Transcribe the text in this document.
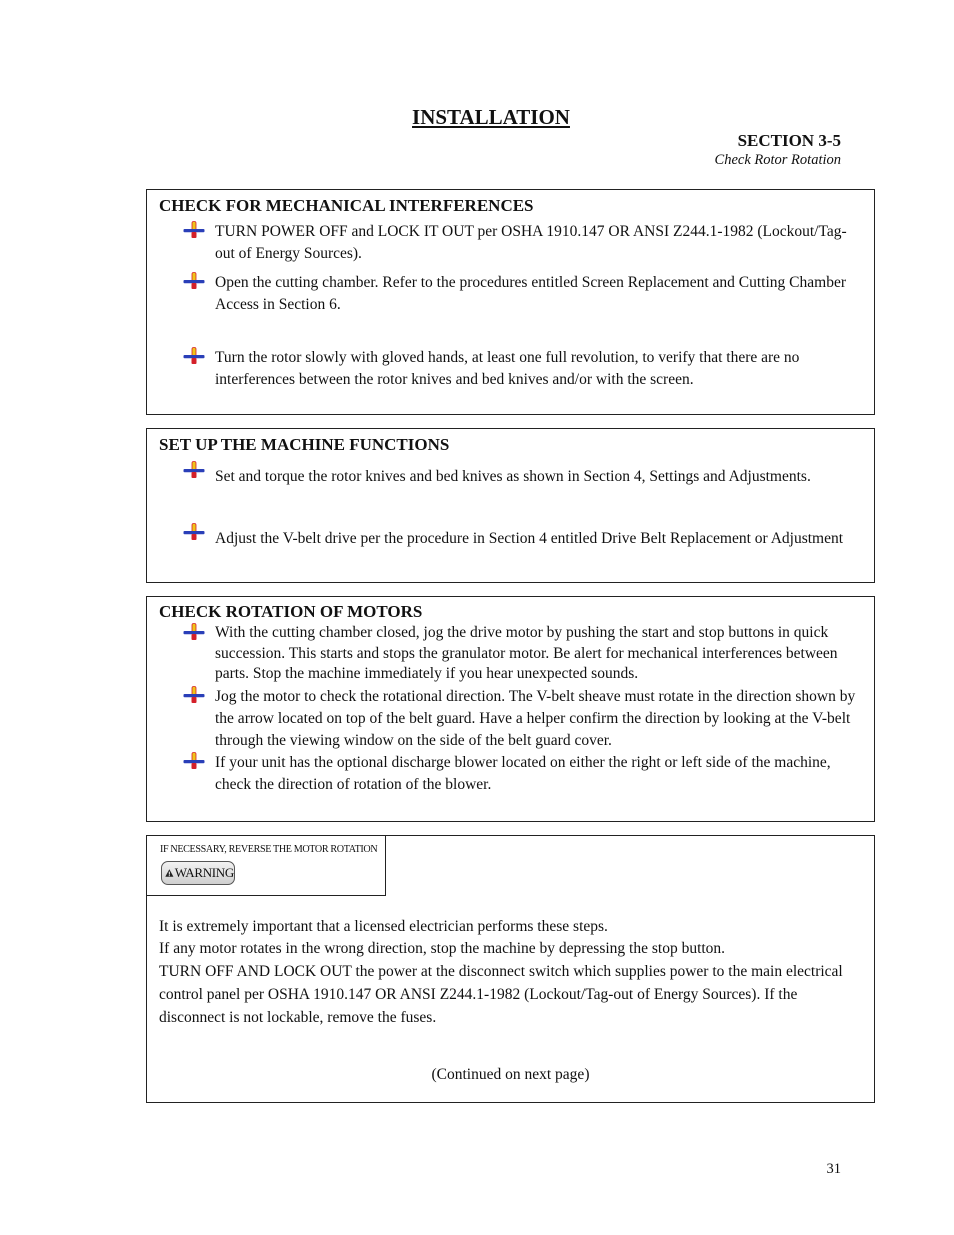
INSTALLATION
SECTION 3-5
Check Rotor Rotation
CHECK FOR MECHANICAL INTERFERENCES
TURN POWER OFF and LOCK IT OUT per OSHA 1910.147 OR ANSI Z244.1-1982 (Lockout/Tag-out of Energy Sources).
Open the cutting chamber. Refer to the procedures entitled Screen Replacement and Cutting Chamber Access in Section 6.
Turn the rotor slowly with gloved hands, at least one full revolution, to verify that there are no interferences between the rotor knives and bed knives and/or with the screen.
SET UP THE MACHINE FUNCTIONS
Set and torque the rotor knives and bed knives as shown in Section 4, Settings and Adjustments.
Adjust the V-belt drive per the procedure in Section 4 entitled Drive Belt Replacement or Adjustment
CHECK ROTATION OF MOTORS
With the cutting chamber closed, jog the drive motor by pushing the start and stop buttons in quick succession. This starts and stops the granulator motor. Be alert for mechanical interferences between parts. Stop the machine immediately if you hear unexpected sounds.
Jog the motor to check the rotational direction. The V-belt sheave must rotate in the direction shown by the arrow located on top of the belt guard. Have a helper confirm the direction by looking at the V-belt through the viewing window on the side of the belt guard cover.
If your unit has the optional discharge blower located on either the right or left side of the machine, check the direction of rotation of the blower.
IF NECESSARY, REVERSE THE MOTOR ROTATION
WARNING

It is extremely important that a licensed electrician performs these steps.

If any motor rotates in the wrong direction, stop the machine by depressing the stop button.

TURN OFF AND LOCK OUT the power at the disconnect switch which supplies power to the main electrical control panel per OSHA 1910.147 OR ANSI Z244.1-1982 (Lockout/Tag-out of Energy Sources). If the disconnect is not lockable, remove the fuses.

(Continued on next page)
31
